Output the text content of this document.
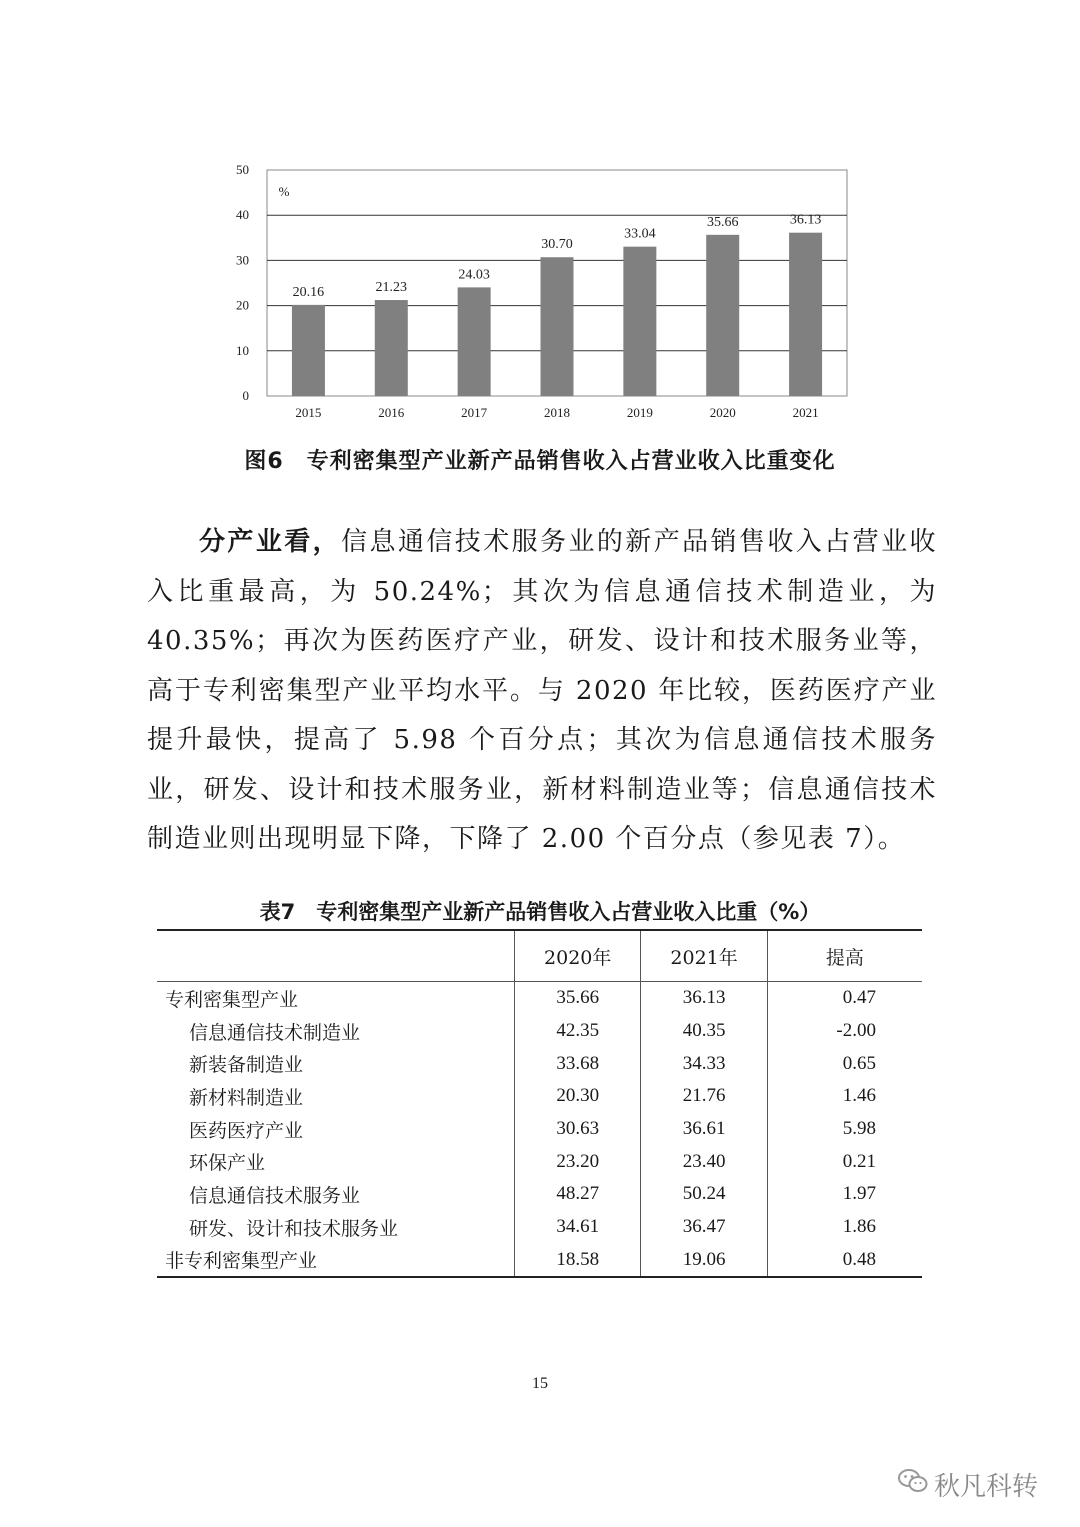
0
10
20
30
40
50
%
20.16
2015
21.23
2016
24.03
2017
30.70
2018
33.04
2019
35.66
2020
36.13
2021
图6　专利密集型产业新产品销售收入占营业收入比重变化

分产业看，信息通信技术服务业的新产品销售收入占营业收入比重最高，为 50.24%；其次为信息通信技术制造业，为 40.35%；再次为医药医疗产业，研发、设计和技术服务业等，高于专利密集型产业平均水平。与 2020 年比较，医药医疗产业提升最快，提高了 5.98 个百分点；其次为信息通信技术服务业，研发、设计和技术服务业，新材料制造业等；信息通信技术制造业则出现明显下降，下降了 2.00 个百分点（参见表 7）。

表7　专利密集型产业新产品销售收入占营业收入比重（%）
	2020年	2021年	提高
专利密集型产业	35.66	36.13	0.47
信息通信技术制造业	42.35	40.35	-2.00
新装备制造业	33.68	34.33	0.65
新材料制造业	20.30	21.76	1.46
医药医疗产业	30.63	36.61	5.98
环保产业	23.20	23.40	0.21
信息通信技术服务业	48.27	50.24	1.97
研发、设计和技术服务业	34.61	36.47	1.86
非专利密集型产业	18.58	19.06	0.48
15
秋凡科转
